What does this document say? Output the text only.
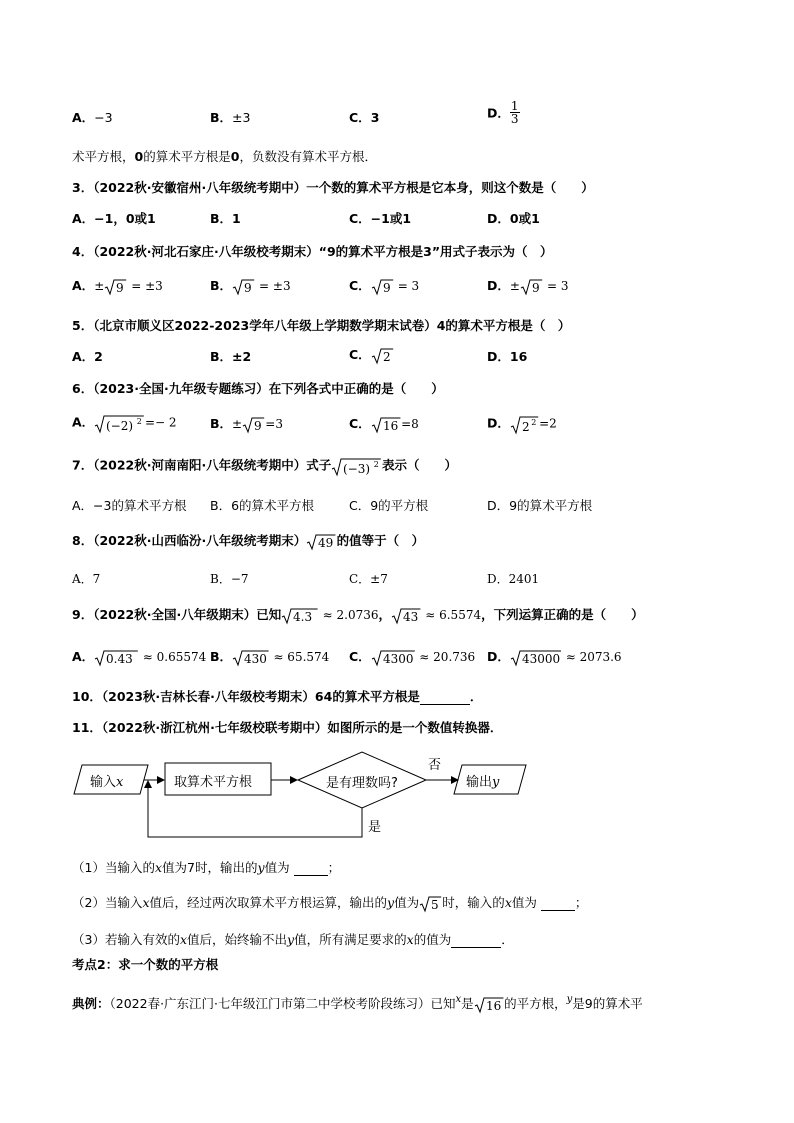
A．−3	B．±3	C．3	D． $\frac{1}{3}$
术平方根，0的算术平方根是0，负数没有算术平方根．
3．（2022秋·安徽宿州·八年级统考期中）一个数的算术平方根是它本身，则这个数是（　　）
A．−1，0或1	B．1	C．−1或1	D．0或1
4．（2022秋·河北石家庄·八年级校考期末）“9的算术平方根是3”用式子表示为（　）
A．± 9 = ±3	B． 9 = ±3	C． 9 = 3	D．± 9 = 3
5．（北京市顺义区2022-2023学年八年级上学期数学期末试卷）4的算术平方根是（　）
A．2	B．±2	C． 2	D．16
6．（2023·全国·九年级专题练习）在下列各式中正确的是（　　）
A． (−2) 2 =− 2	B．± 9 =3	C． 16 =8	D． 2 2 =2
7．（2022秋·河南南阳·八年级统考期中）式子 (−3) 2 表示（　　）
A．−3的算术平方根 B．6的算术平方根	C．9的平方根	D．9的算术平方根
8．（2022秋·山西临汾·八年级统考期末） 49 的值等于（　）
A．7	B．−7	C．±7	D．2401
9．（2022秋·全国·八年级期末）已知 4.3 ≈ 2.0736， 43 ≈ 6.5574，下列运算正确的是（　　）
A． 0.43 ≈ 0.65574 B． 430 ≈ 65.574 C． 4300 ≈ 20.736 D． 43000 ≈ 2073.6
10．（2023秋·吉林长春·八年级校考期末）64的算术平方根是	．
11．（2022秋·浙江杭州·七年级校联考期中）如图所示的是一个数值转换器．
输入x	取算术平方根	是有理数吗?
否
是
输出y
（1）当输入的x值为7时，输出的y值为	；
（2）当输入x值后，经过两次取算术平方根运算，输出的y值为 5 时，输入的x值为	；
（3）若输入有效的x值后，始终输不出y值，所有满足要求的x的值为	．
考点2：求一个数的平方根
典例：（2022春·广东江门·七年级江门市第二中学校考阶段练习）已知$^x$是 16 的平方根，$^y$是9的算术平
